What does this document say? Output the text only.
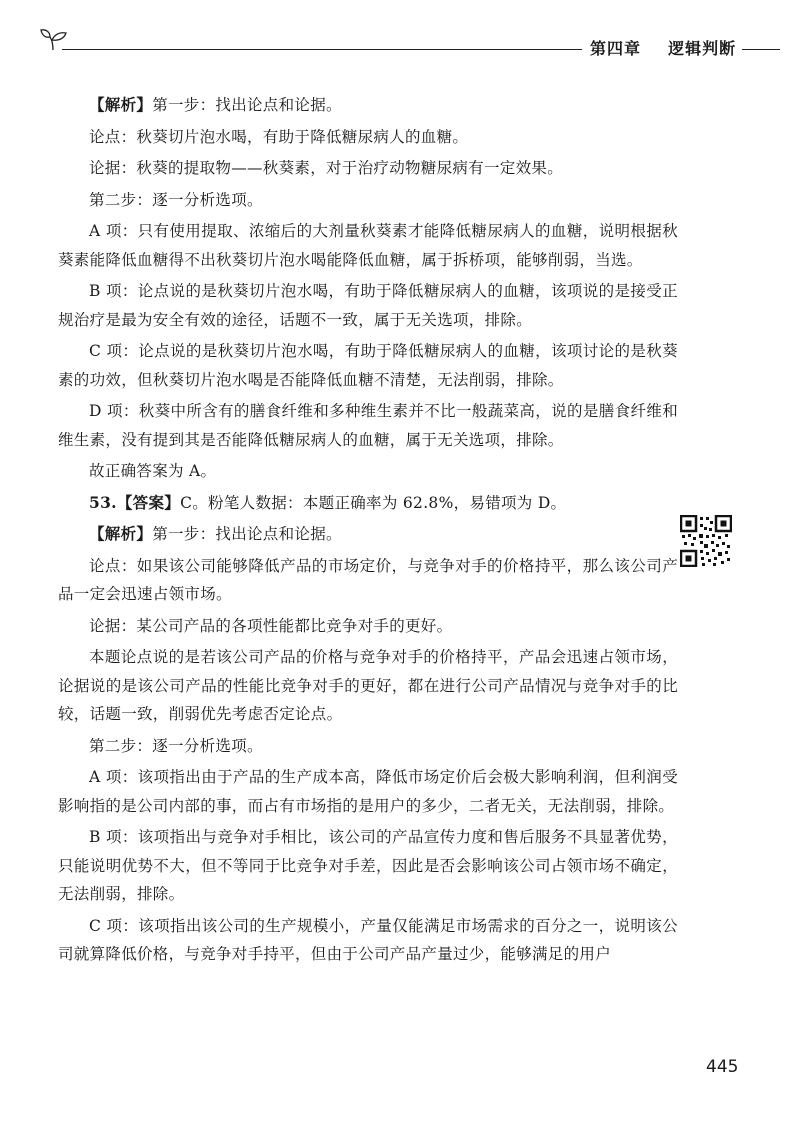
第四章 逻辑判断

【解析】第一步：找出论点和论据。

论点：秋葵切片泡水喝，有助于降低糖尿病人的血糖。

论据：秋葵的提取物——秋葵素，对于治疗动物糖尿病有一定效果。

第二步：逐一分析选项。

A 项：只有使用提取、浓缩后的大剂量秋葵素才能降低糖尿病人的血糖，说明根据秋葵素能降低血糖得不出秋葵切片泡水喝能降低血糖，属于拆桥项，能够削弱，当选。

B 项：论点说的是秋葵切片泡水喝，有助于降低糖尿病人的血糖，该项说的是接受正规治疗是最为安全有效的途径，话题不一致，属于无关选项，排除。

C 项：论点说的是秋葵切片泡水喝，有助于降低糖尿病人的血糖，该项讨论的是秋葵素的功效，但秋葵切片泡水喝是否能降低血糖不清楚，无法削弱，排除。

D 项：秋葵中所含有的膳食纤维和多种维生素并不比一般蔬菜高，说的是膳食纤维和维生素，没有提到其是否能降低糖尿病人的血糖，属于无关选项，排除。

故正确答案为 A。

53.【答案】C。粉笔人数据：本题正确率为 62.8%，易错项为 D。

【解析】第一步：找出论点和论据。

论点：如果该公司能够降低产品的市场定价，与竞争对手的价格持平，那么该公司产品一定会迅速占领市场。

论据：某公司产品的各项性能都比竞争对手的更好。

本题论点说的是若该公司产品的价格与竞争对手的价格持平，产品会迅速占领市场，论据说的是该公司产品的性能比竞争对手的更好，都在进行公司产品情况与竞争对手的比较，话题一致，削弱优先考虑否定论点。

第二步：逐一分析选项。

A 项：该项指出由于产品的生产成本高，降低市场定价后会极大影响利润，但利润受影响指的是公司内部的事，而占有市场指的是用户的多少，二者无关，无法削弱，排除。

B 项：该项指出与竞争对手相比，该公司的产品宣传力度和售后服务不具显著优势，只能说明优势不大，但不等同于比竞争对手差，因此是否会影响该公司占领市场不确定，无法削弱，排除。

C 项：该项指出该公司的生产规模小，产量仅能满足市场需求的百分之一，说明该公司就算降低价格，与竞争对手持平，但由于公司产品产量过少，能够满足的用户

445
